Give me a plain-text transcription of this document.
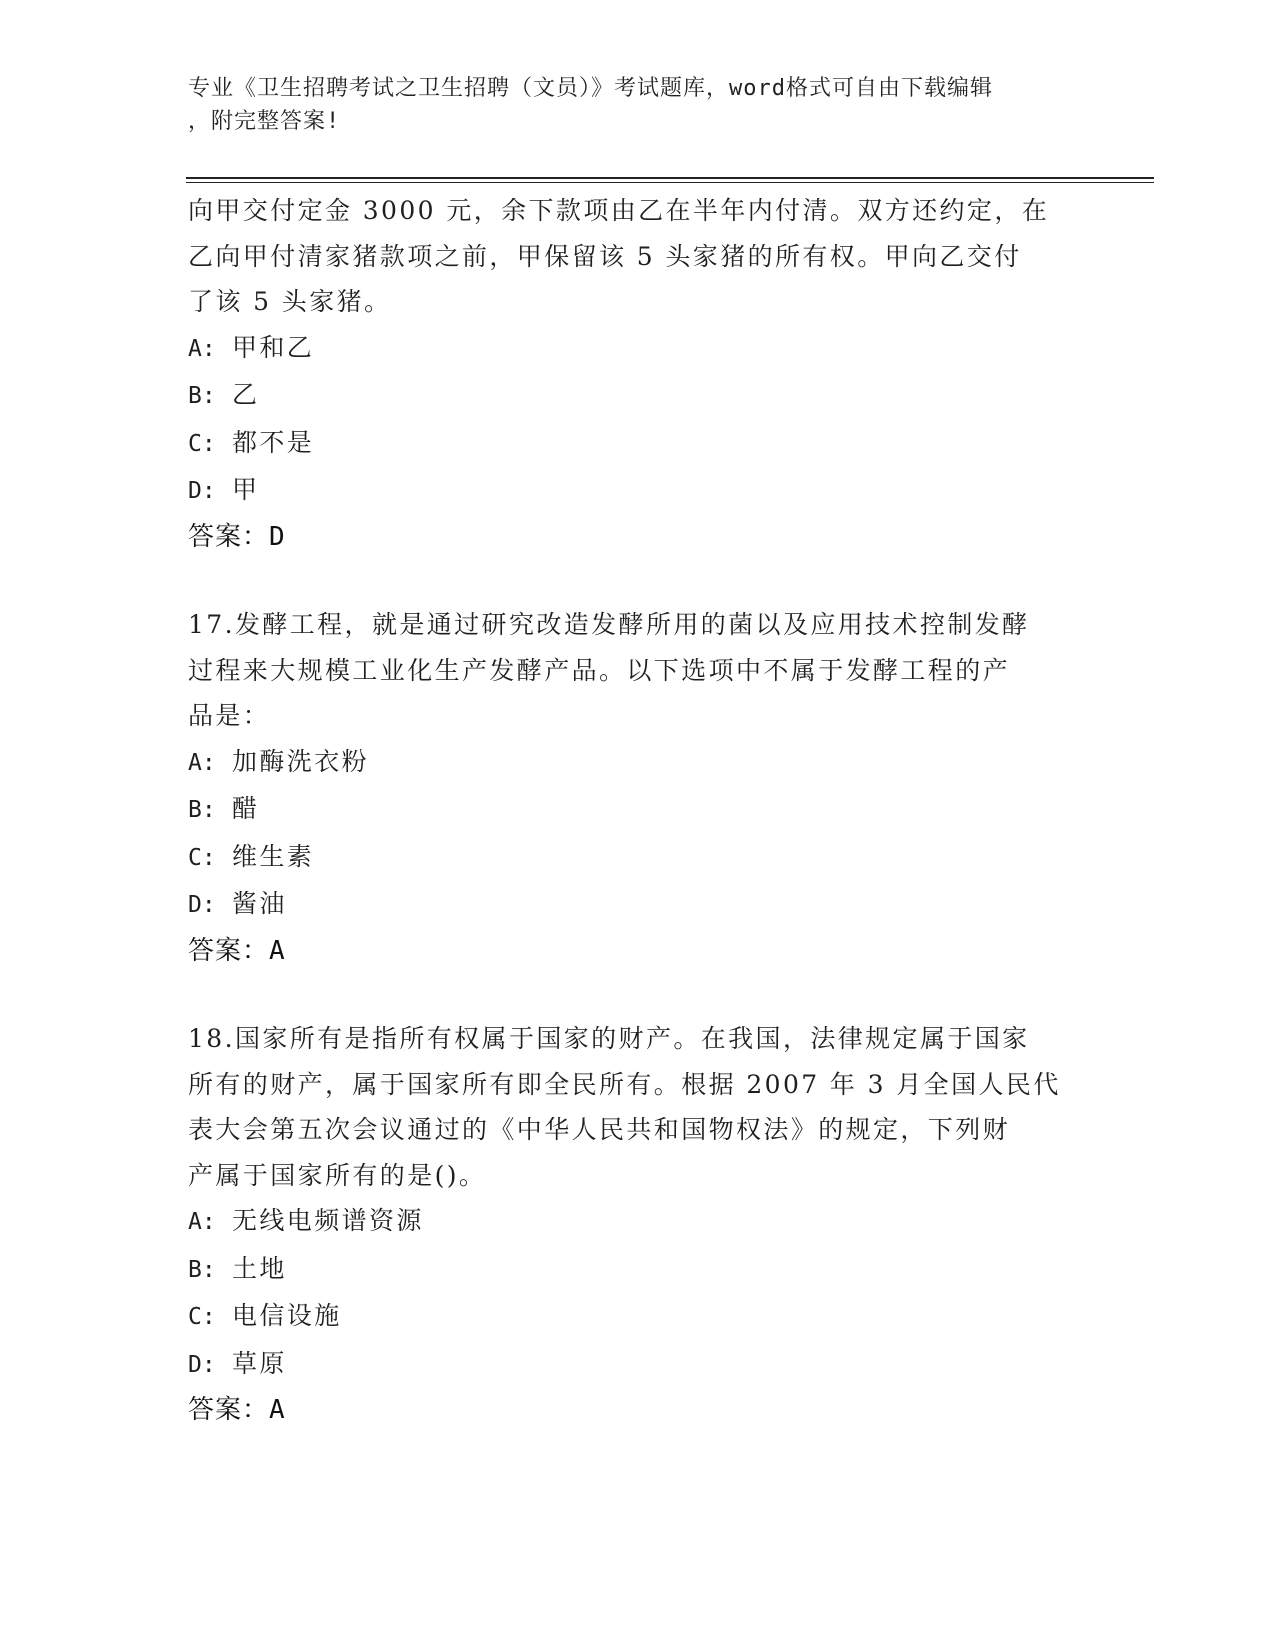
专业《卫生招聘考试之卫生招聘（文员）》考试题库，word格式可自由下载编辑
，附完整答案!

向甲交付定金 3000 元，余下款项由乙在半年内付清。双方还约定，在

乙向甲付清家猪款项之前，甲保留该 5 头家猪的所有权。甲向乙交付

了该 5 头家猪。

A: 甲和乙

B: 乙

C: 都不是

D: 甲

答案：D

17.发酵工程，就是通过研究改造发酵所用的菌以及应用技术控制发酵

过程来大规模工业化生产发酵产品。以下选项中不属于发酵工程的产

品是：

A: 加酶洗衣粉

B: 醋

C: 维生素

D: 酱油

答案：A

18.国家所有是指所有权属于国家的财产。在我国，法律规定属于国家

所有的财产，属于国家所有即全民所有。根据 2007 年 3 月全国人民代

表大会第五次会议通过的《中华人民共和国物权法》的规定，下列财

产属于国家所有的是()。

A: 无线电频谱资源

B: 土地

C: 电信设施

D: 草原

答案：A
